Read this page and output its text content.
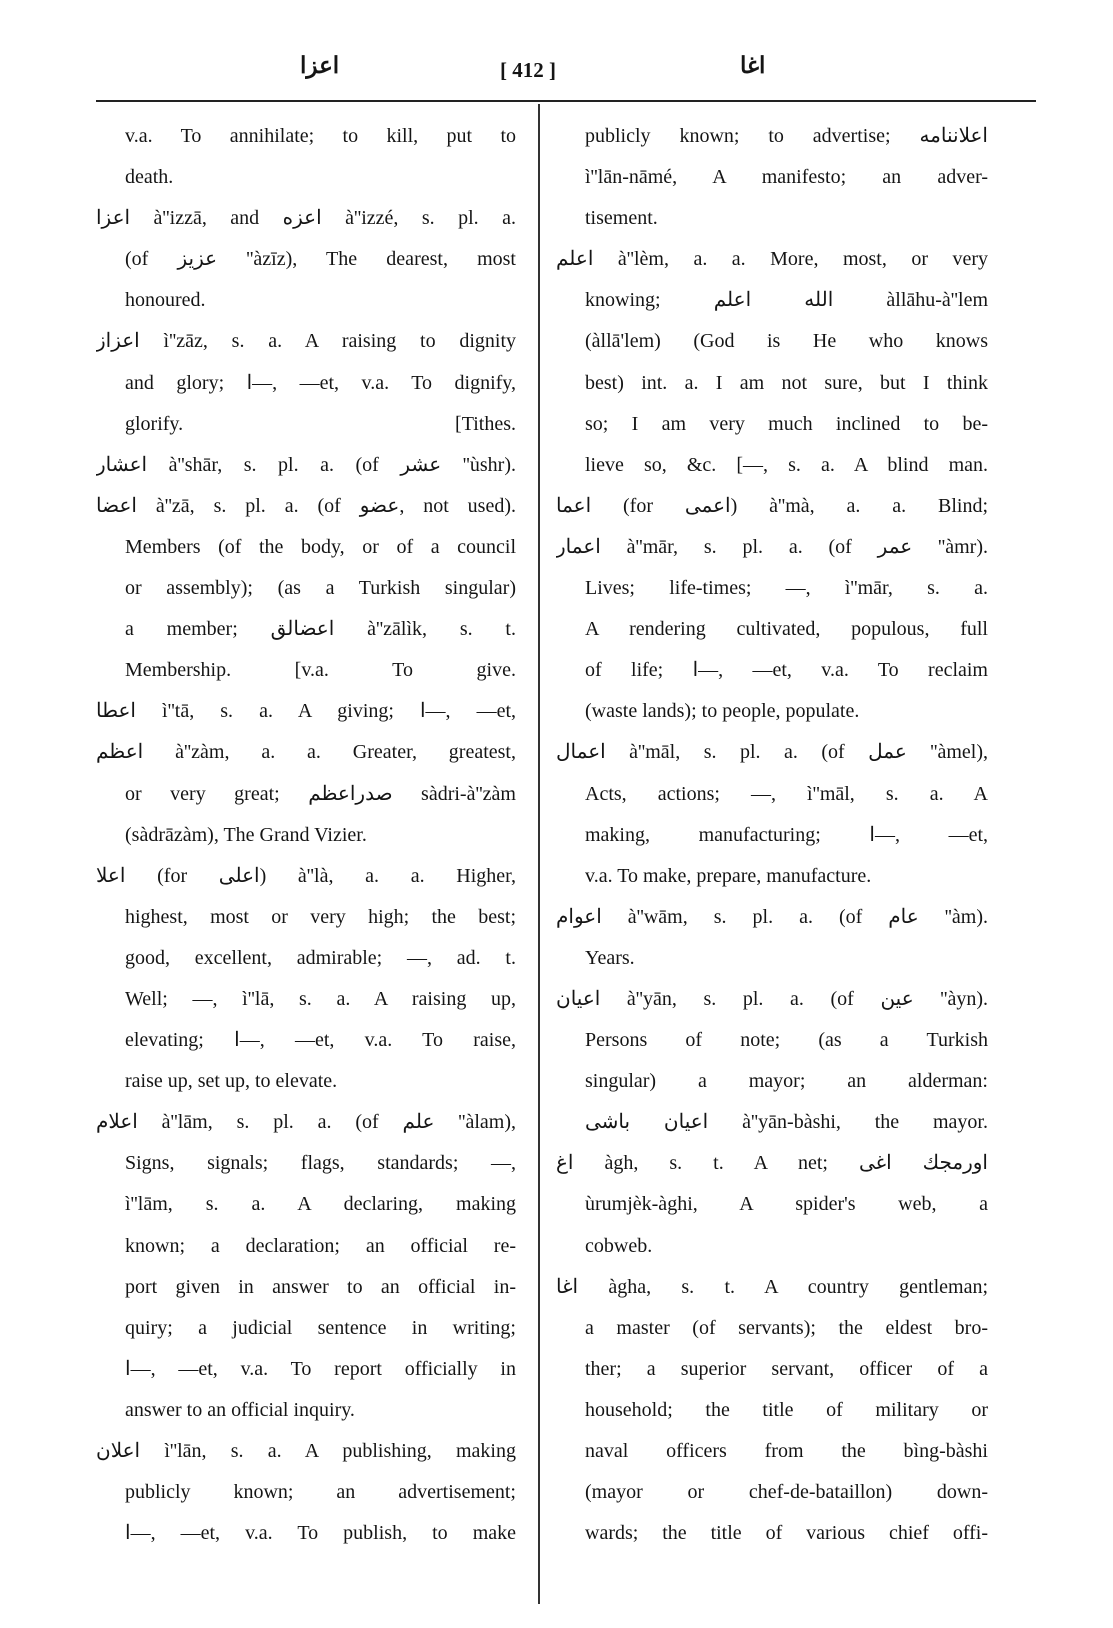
اعزا	[ 412 ]	اغا
v.a. To annihilate; to kill, put to
death.
اعزا à''izzā, and اعزه à''izzé, s. pl. a.
(of عزيز ''àzīz), The dearest, most
honoured.
اعزاز ì''zāz, s. a. A raising to dignity
and glory; ‌ا—, —et, v.a. To dignify,
glorify. [Tithes.
اعشار à''shār, s. pl. a. (of عشر ''ùshr).
اعضا à''zā, s. pl. a. (of عضو, not used).
Members (of the body, or of a council
or assembly); (as a Turkish singular)
a member; اعضالق à''zālìk, s. t.
Membership. [v.a. To give.
اعطا ì''tā, s. a. A giving; ‌ا—, —et,
اعظم à''zàm, a. a. Greater, greatest,
or very great; صدراعظم sàdri-à''zàm
(sàdrāzàm), The Grand Vizier.
اعلا (for اعلى) à''là, a. a. Higher,
highest, most or very high; the best;
good, excellent, admirable; —, ad. t.
Well; —, ì''lā, s. a. A raising up,
elevating; ‌ا—, —et, v.a. To raise,
raise up, set up, to elevate.
اعلام à''lām, s. pl. a. (of علم ''àlam),
Signs, signals; flags, standards; —,
ì''lām, s. a. A declaring, making
known; a declaration; an official re-
port given in answer to an official in-
quiry; a judicial sentence in writing;
‌ا—, —et, v.a. To report officially in
answer to an official inquiry.
اعلان ì''lān, s. a. A publishing, making
publicly known; an advertisement;
‌ا—, —et, v.a. To publish, to make
publicly known; to advertise; اعلاننامه
ì''lān-nāmé, A manifesto; an adver-
tisement.
اعلم à''lèm, a. a. More, most, or very
knowing; الله اعلم àllāhu-à''lem
(àllā'lem) (God is He who knows
best) int. a. I am not sure, but I think
so; I am very much inclined to be-
lieve so, &c. [—, s. a. A blind man.
اعما (for اعمى) à''mà, a. a. Blind;
اعمار à''mār, s. pl. a. (of عمر ''àmr).
Lives; life-times; —, ì''mār, s. a.
A rendering cultivated, populous, full
of life; ‌ا—, —et, v.a. To reclaim
(waste lands); to people, populate.
اعمال à''māl, s. pl. a. (of عمل ''àmel),
Acts, actions; —, ì''māl, s. a. A
making, manufacturing; ‌ا—, —et,
v.a. To make, prepare, manufacture.
اعوام à''wām, s. pl. a. (of عام ''àm).
Years.
اعيان à''yān, s. pl. a. (of عين ''àyn).
Persons of note; (as a Turkish
singular) a mayor; an alderman:
اعيان باشى à''yān-bàshi, the mayor.
اغ àgh, s. t. A net; اورمجك اغى
ùrumjèk-àghi, A spider's web, a
cobweb.
اغا àgha, s. t. A country gentleman;
a master (of servants); the eldest bro-
ther; a superior servant, officer of a
household; the title of military or
naval officers from the bìng-bàshi
(mayor or chef-de-bataillon) down-
wards; the title of various chief offi-
